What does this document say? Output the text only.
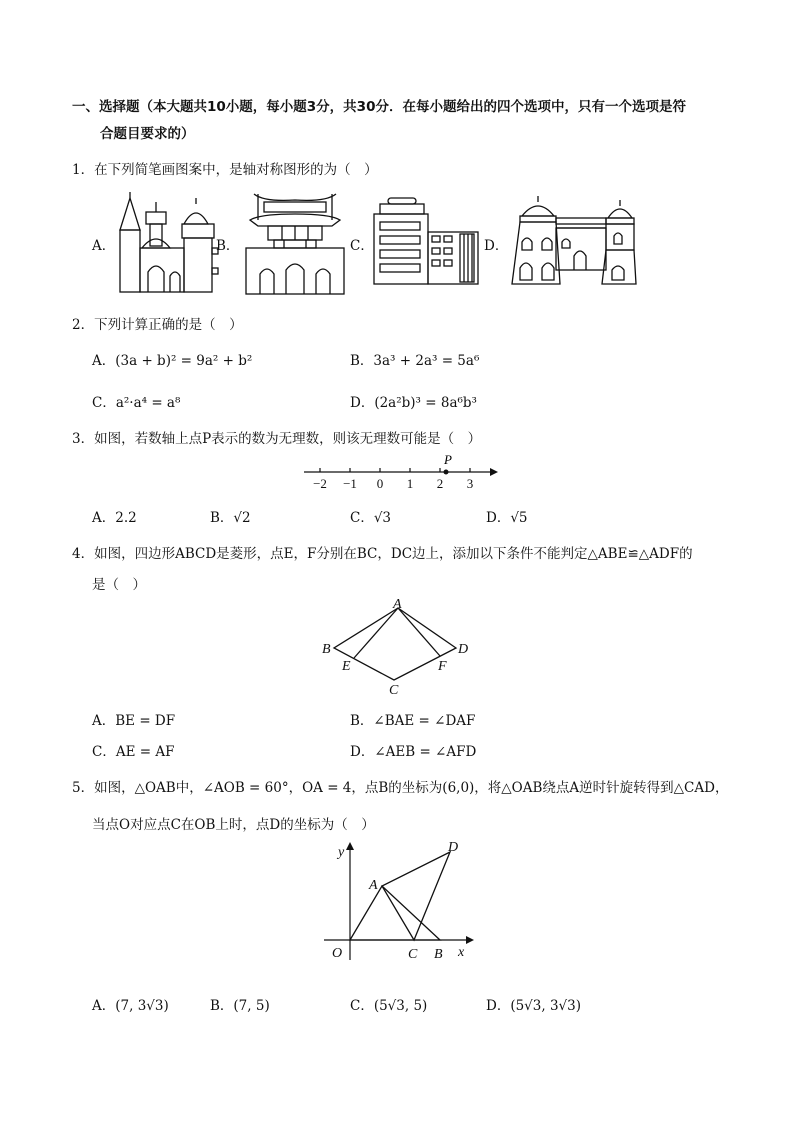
一、选择题（本大题共10小题，每小题3分，共30分．在每小题给出的四个选项中，只有一个选项是符
合题目要求的）
1．在下列简笔画图案中，是轴对称图形的为（　）
A．	B．	C．	D．
2．下列计算正确的是（　）
A．(3a + b)² = 9a² + b²	B．3a³ + 2a³ = 5a⁶
C．a²·a⁴ = a⁸	D．(2a²b)³ = 8a⁶b³
3．如图，若数轴上点P表示的数为无理数，则该无理数可能是（　）
−2 −1 0 1 2 3
P
A．2.2	B．√2	C．√3	D．√5
4．如图，四边形ABCD是菱形，点E，F分别在BC，DC边上，添加以下条件不能判定△ABE≌△ADF的
是（　）
A
B
C
D
E	F
A．BE = DF	B．∠BAE = ∠DAF
C．AE = AF	D．∠AEB = ∠AFD
5．如图，△OAB中，∠AOB = 60°，OA = 4，点B的坐标为(6,0)，将△OAB绕点A逆时针旋转得到△CAD，
当点O对应点C在OB上时，点D的坐标为（　）
y
x
O
A
C B
D
A．(7, 3√3)	B．(7, 5)	C．(5√3, 5)	D．(5√3, 3√3)
